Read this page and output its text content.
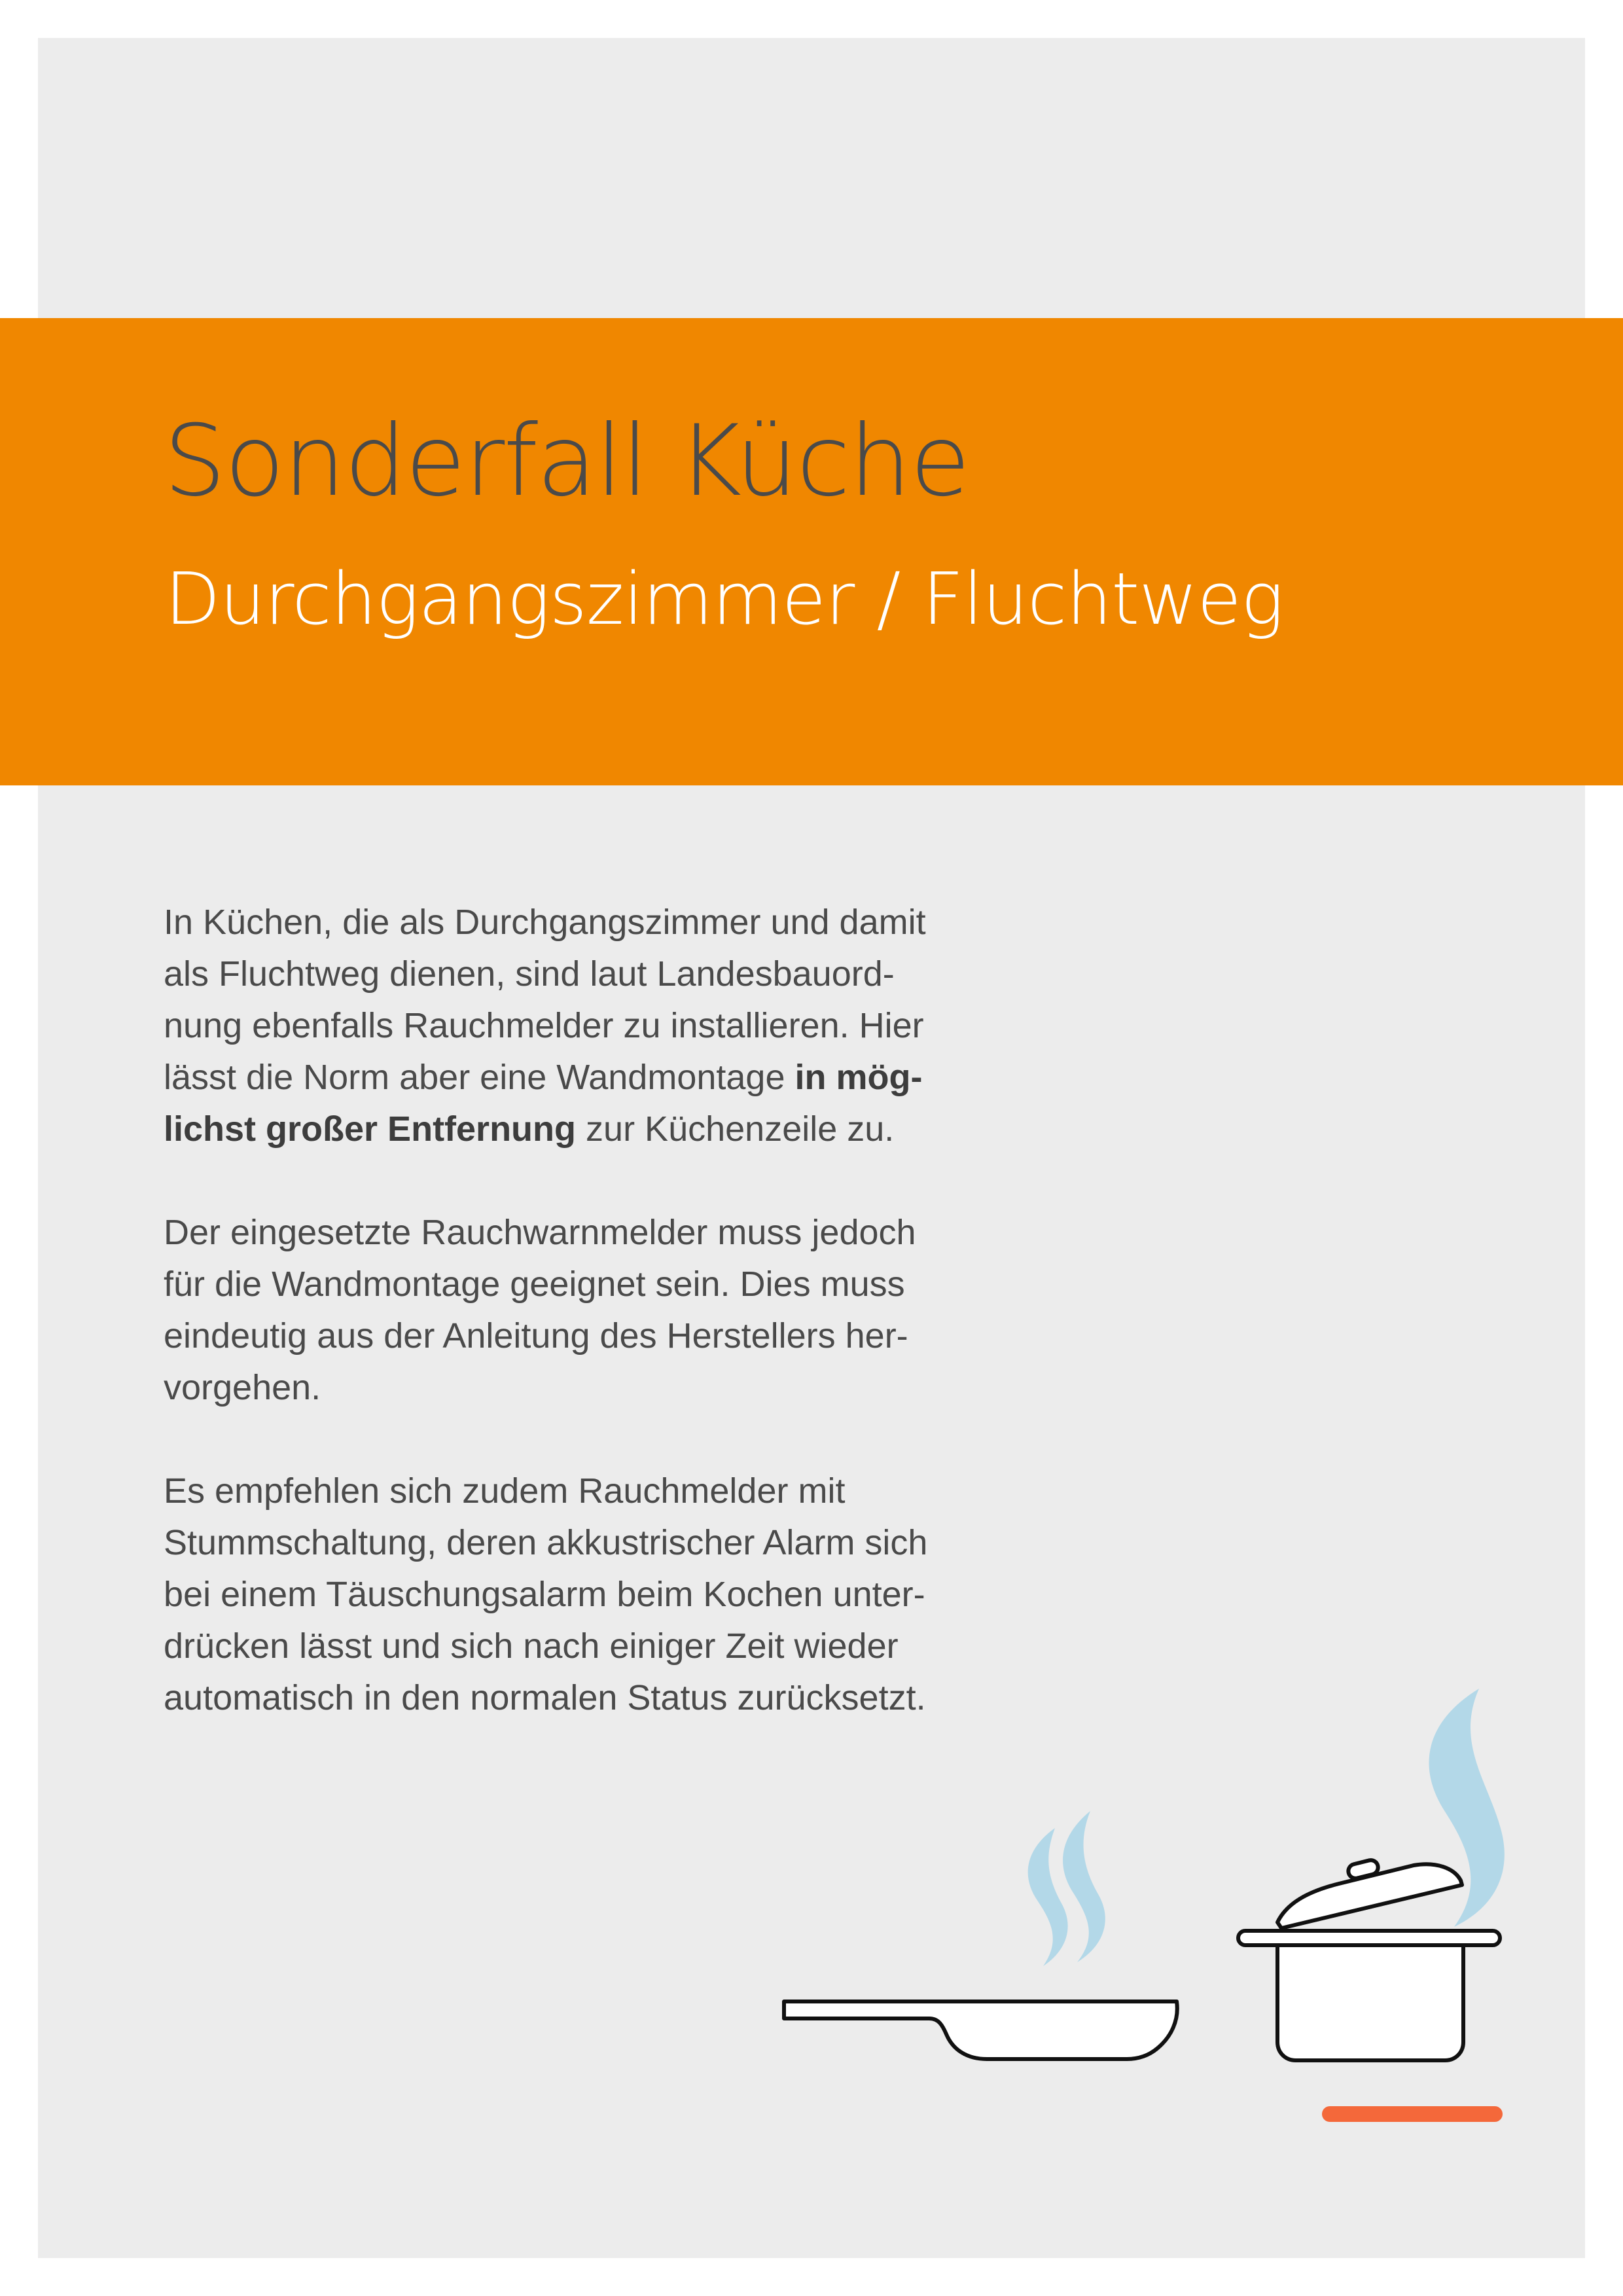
Sonderfall Küche
Durchgangszimmer / Fluchtweg

In Küchen, die als Durchgangszimmer und damit
als Fluchtweg dienen, sind laut Landesbauord-
nung ebenfalls Rauchmelder zu installieren. Hier
lässt die Norm aber eine Wandmontage in mög-
lichst großer Entfernung zur Küchenzeile zu.

Der eingesetzte Rauchwarnmelder muss jedoch
für die Wandmontage geeignet sein. Dies muss
eindeutig aus der Anleitung des Herstellers her-
vorgehen.

Es empfehlen sich zudem Rauchmelder mit
Stummschaltung, deren akkustrischer Alarm sich
bei einem Täuschungsalarm beim Kochen unter-
drücken lässt und sich nach einiger Zeit wieder
automatisch in den normalen Status zurücksetzt.
